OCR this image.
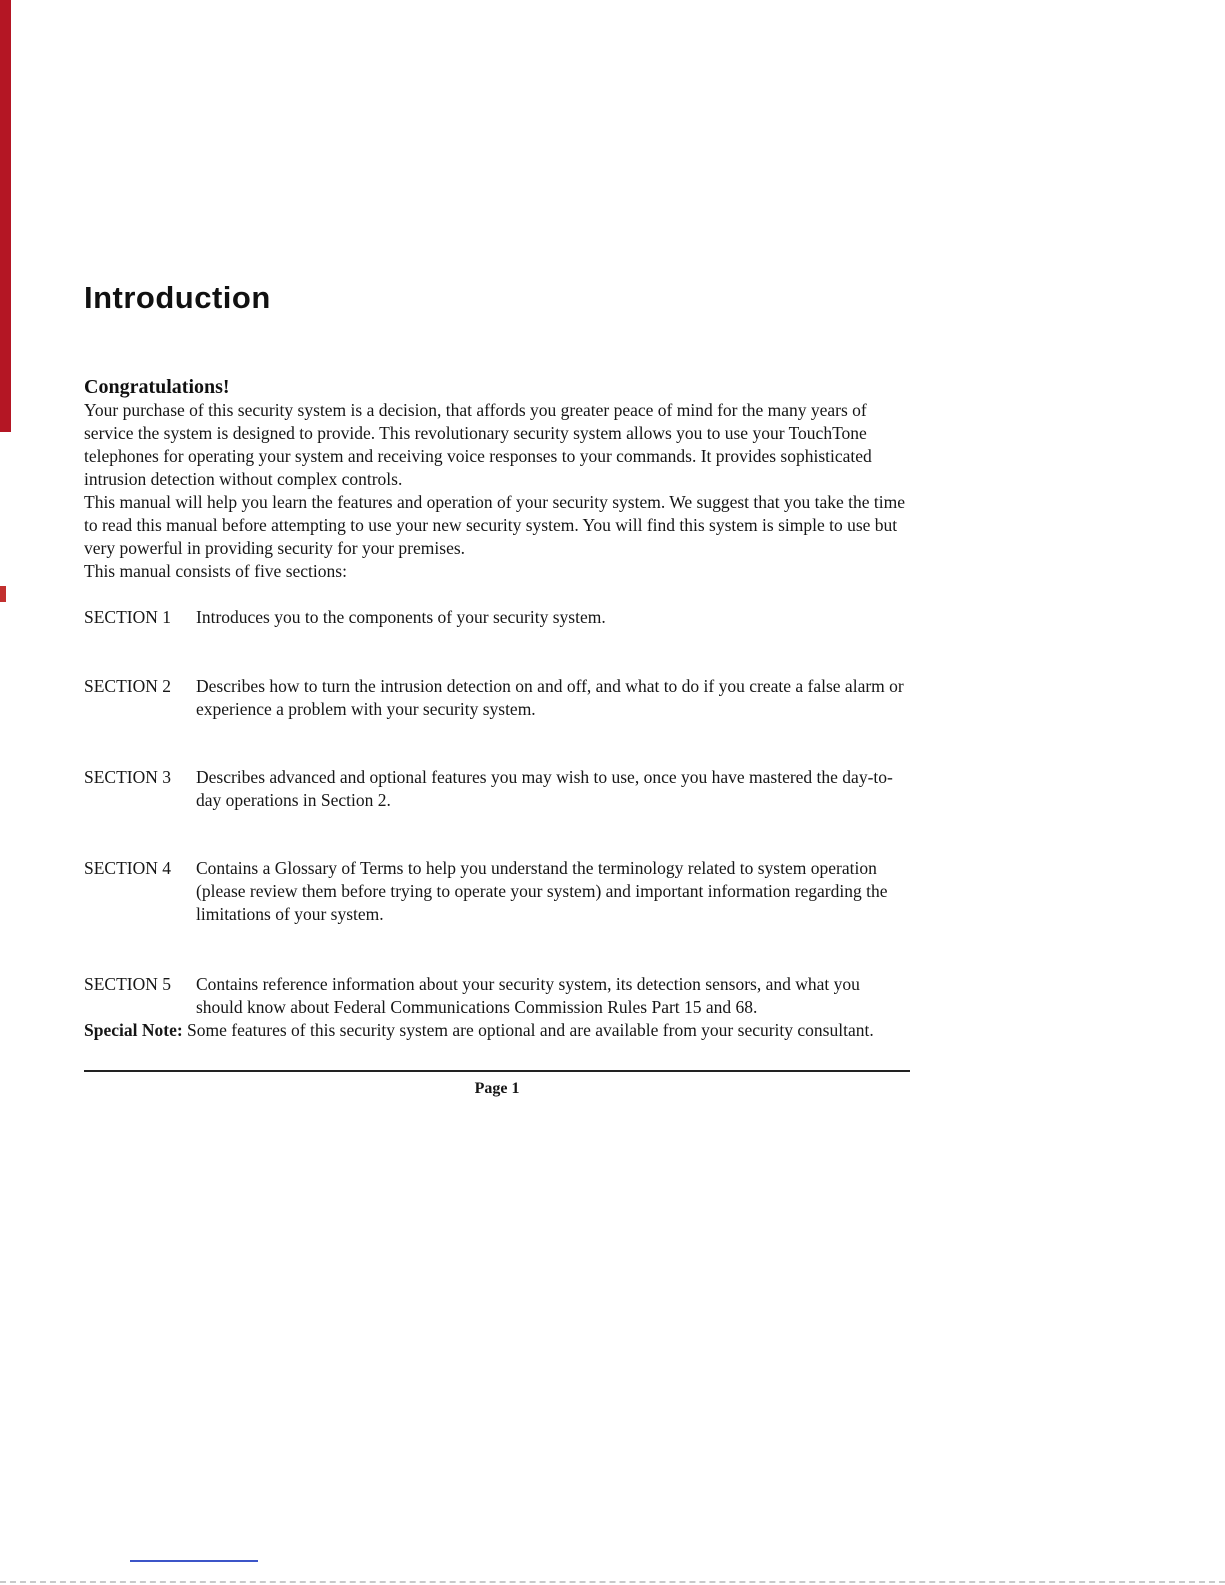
Introduction
Congratulations!

Your purchase of this security system is a decision, that affords you greater peace of mind for the many years of service the system is designed to provide. This revolutionary security system allows you to use your TouchTone telephones for operating your system and receiving voice responses to your commands. It provides sophisticated intrusion detection without complex controls.

This manual will help you learn the features and operation of your security system. We suggest that you take the time to read this manual before attempting to use your new security system. You will find this system is simple to use but very powerful in providing security for your premises.

This manual consists of five sections:

SECTION 1	Introduces you to the components of your security system.
SECTION 2	Describes how to turn the intrusion detection on and off, and what to do if you create a false alarm or experience a problem with your security system.
SECTION 3	Describes advanced and optional features you may wish to use, once you have mastered the day-to-day operations in Section 2.
SECTION 4	Contains a Glossary of Terms to help you understand the terminology related to system operation (please review them before trying to operate your system) and important information regarding the limitations of your system.
SECTION 5	Contains reference information about your security system, its detection sensors, and what you should know about Federal Communications Commission Rules Part 15 and 68.

Special Note: Some features of this security system are optional and are available from your security consultant.

Page 1
